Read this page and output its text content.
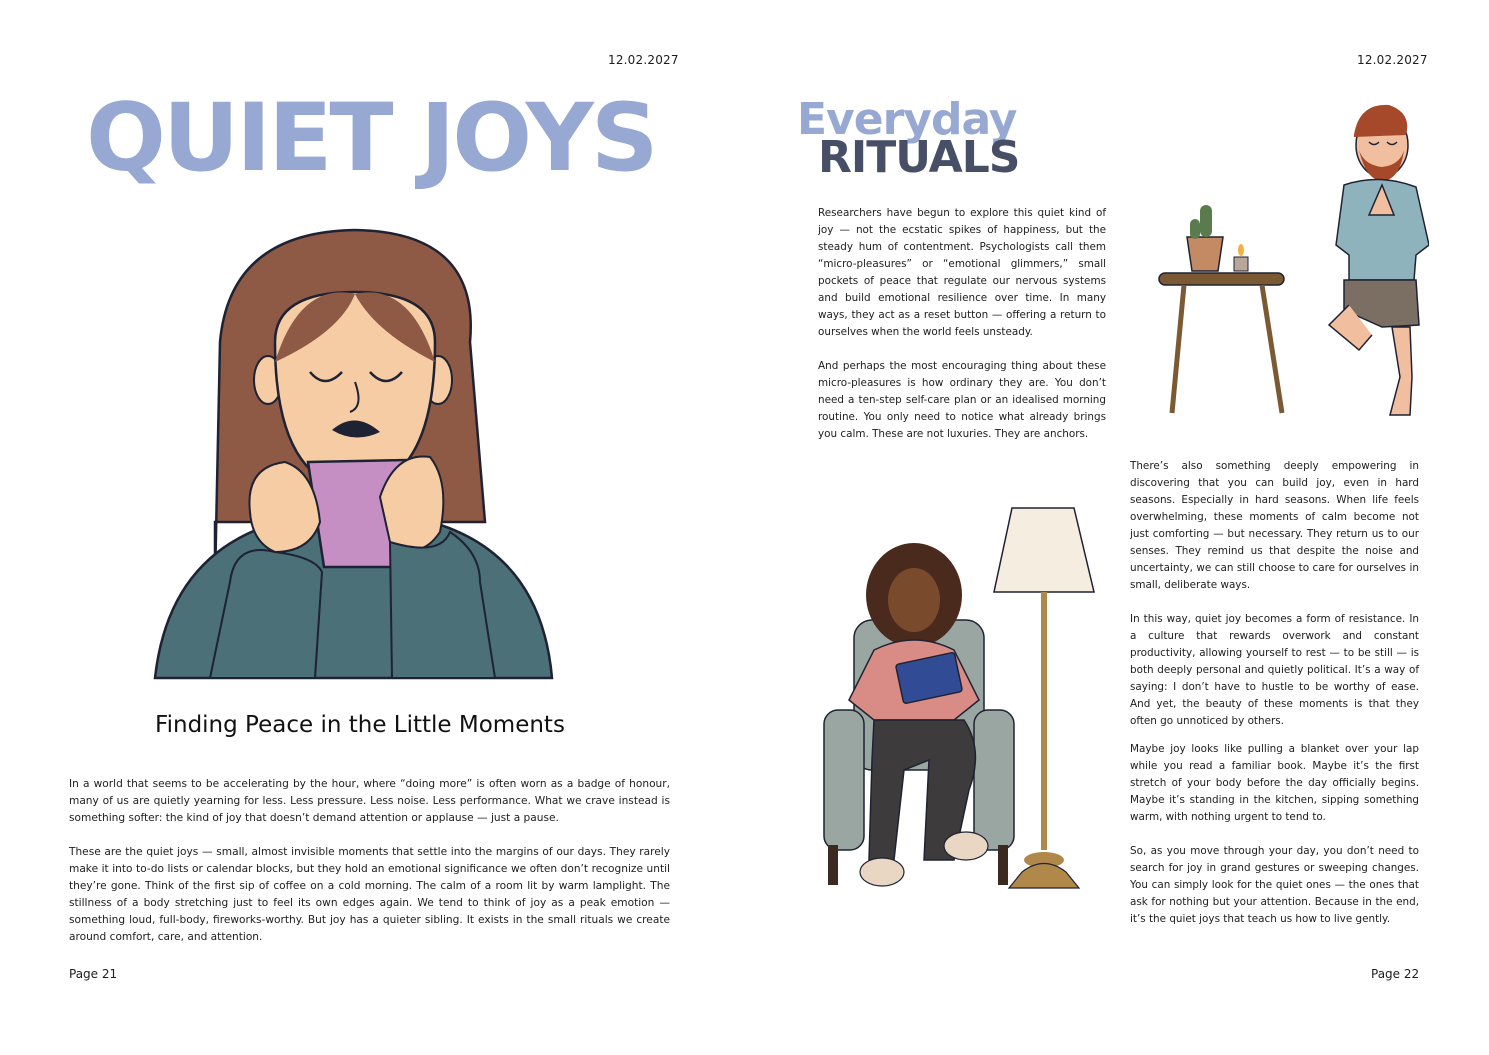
12.02.2027
QUIET JOYS
Finding Peace in the Little Moments

In a world that seems to be accelerating by the hour, where “doing more” is often worn as a badge of honour, many of us are quietly yearning for less. Less pressure. Less noise. Less performance. What we crave instead is something softer: the kind of joy that doesn’t demand attention or applause — just a pause.

These are the quiet joys — small, almost invisible moments that settle into the margins of our days. They rarely make it into to-do lists or calendar blocks, but they hold an emotional significance we often don’t recognize until they’re gone. Think of the first sip of coffee on a cold morning. The calm of a room lit by warm lamplight. The stillness of a body stretching just to feel its own edges again. We tend to think of joy as a peak emotion — something loud, full-body, fireworks-worthy. But joy has a quieter sibling. It exists in the small rituals we create around comfort, care, and attention.

Page 21
12.02.2027
Everyday
RITUALS

Researchers have begun to explore this quiet kind of joy — not the ecstatic spikes of happiness, but the steady hum of contentment. Psychologists call them “micro-pleasures” or “emotional glimmers,” small pockets of peace that regulate our nervous systems and build emotional resilience over time. In many ways, they act as a reset button — offering a return to ourselves when the world feels unsteady.

And perhaps the most encouraging thing about these micro-pleasures is how ordinary they are. You don’t need a ten-step self-care plan or an idealised morning routine. You only need to notice what already brings you calm. These are not luxuries. They are anchors.

There’s also something deeply empowering in discovering that you can build joy, even in hard seasons. Especially in hard seasons. When life feels overwhelming, these moments of calm become not just comforting — but necessary. They return us to our senses. They remind us that despite the noise and uncertainty, we can still choose to care for ourselves in small, deliberate ways.

In this way, quiet joy becomes a form of resistance. In a culture that rewards overwork and constant productivity, allowing yourself to rest — to be still — is both deeply personal and quietly political. It’s a way of saying: I don’t have to hustle to be worthy of ease. And yet, the beauty of these moments is that they often go unnoticed by others.

Maybe joy looks like pulling a blanket over your lap while you read a familiar book. Maybe it’s the first stretch of your body before the day officially begins. Maybe it’s standing in the kitchen, sipping something warm, with nothing urgent to tend to.

So, as you move through your day, you don’t need to search for joy in grand gestures or sweeping changes. You can simply look for the quiet ones — the ones that ask for nothing but your attention. Because in the end, it’s the quiet joys that teach us how to live gently.

Page 22
